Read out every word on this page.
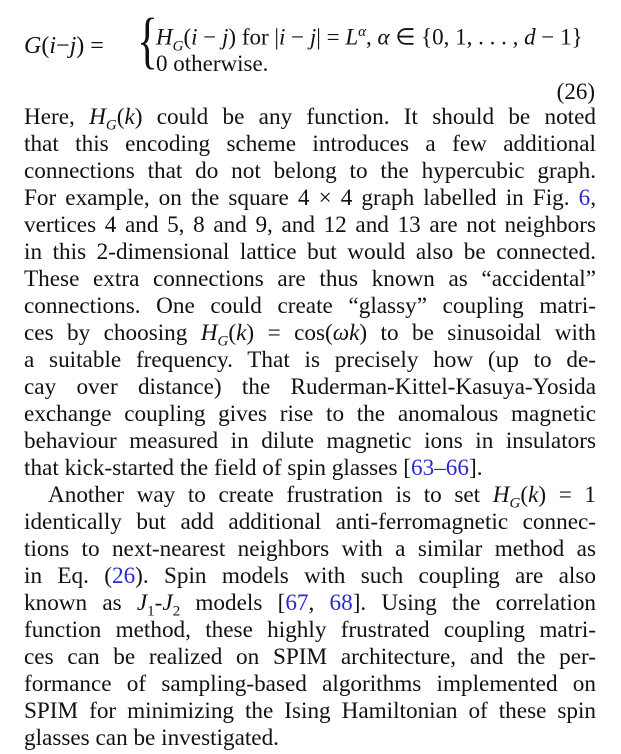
G(i−j) = {
$H_G(i - j)$ for $|i - j| = L^\alpha$, α ∈ {0, 1, . . . , d − 1}
0 otherwise.
(26)
Here, $H_G(k)$ could be any function. It should be noted
that this encoding scheme introduces a few additional
connections that do not belong to the hypercubic graph.
For example, on the square 4 × 4 graph labelled in Fig. 6,
vertices 4 and 5, 8 and 9, and 12 and 13 are not neighbors
in this 2-dimensional lattice but would also be connected.
These extra connections are thus known as “accidental”
connections. One could create “glassy” coupling matri-
ces by choosing $H_G(k) = \cos(\omega k)$ to be sinusoidal with
a suitable frequency. That is precisely how (up to de-
cay over distance) the Ruderman-Kittel-Kasuya-Yosida
exchange coupling gives rise to the anomalous magnetic
behaviour measured in dilute magnetic ions in insulators
that kick-started the field of spin glasses [63–66].
Another way to create frustration is to set $H_G(k) = 1$
identically but add additional anti-ferromagnetic connec-
tions to next-nearest neighbors with a similar method as
in Eq. (26). Spin models with such coupling are also
known as $J_1-J_2$ models [67, 68]. Using the correlation
function method, these highly frustrated coupling matri-
ces can be realized on SPIM architecture, and the per-
formance of sampling-based algorithms implemented on
SPIM for minimizing the Ising Hamiltonian of these spin
glasses can be investigated.
